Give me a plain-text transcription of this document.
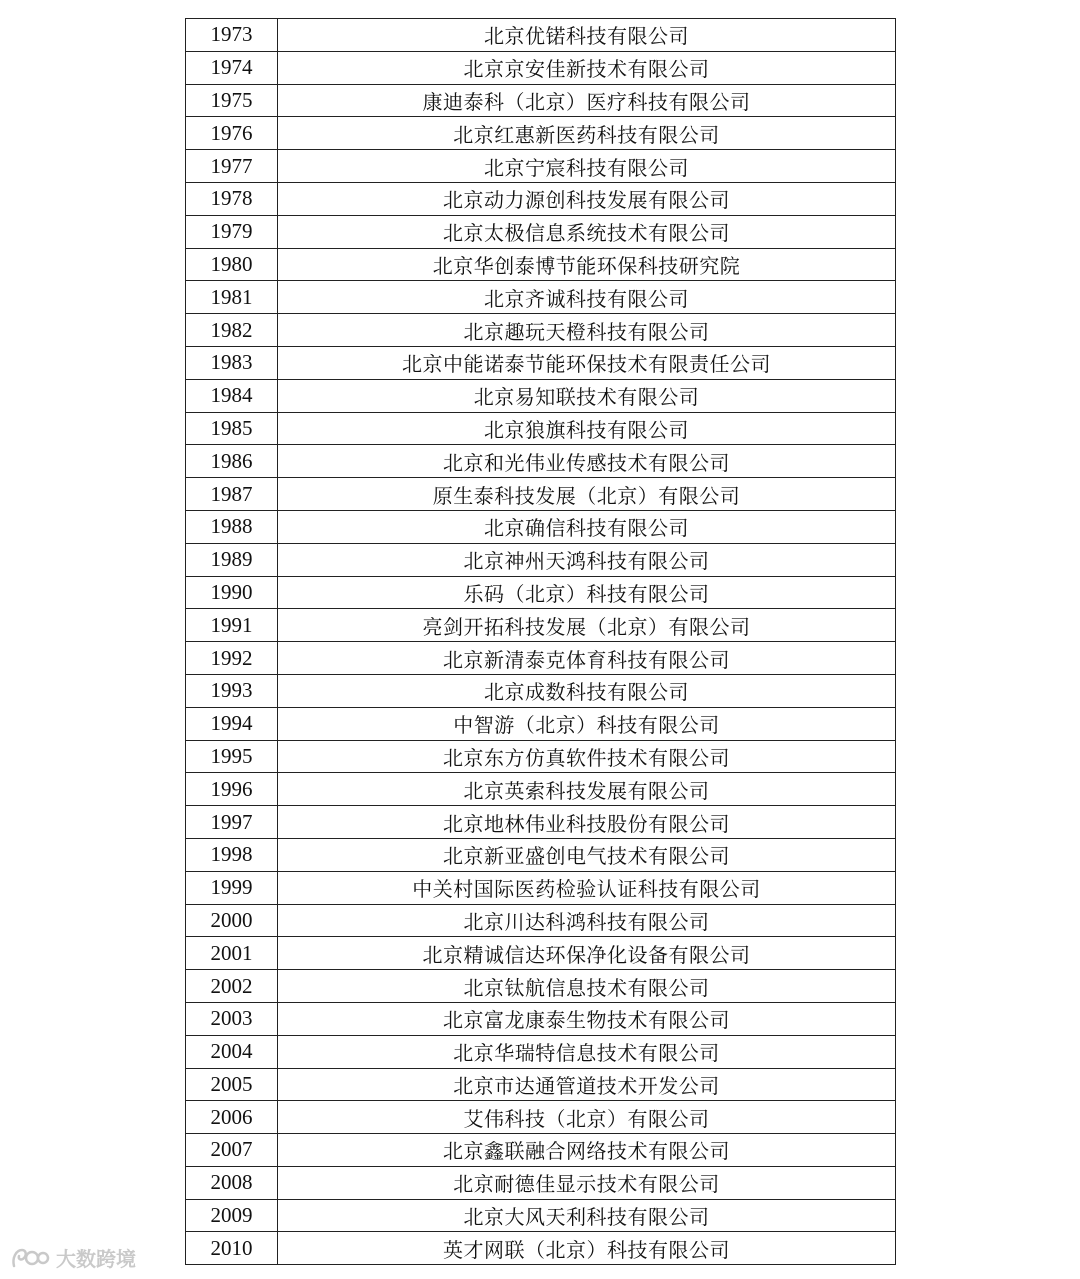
1973	北京优锘科技有限公司
1974	北京京安佳新技术有限公司
1975	康迪泰科（北京）医疗科技有限公司
1976	北京红惠新医药科技有限公司
1977	北京宁宸科技有限公司
1978	北京动力源创科技发展有限公司
1979	北京太极信息系统技术有限公司
1980	北京华创泰博节能环保科技研究院
1981	北京齐诚科技有限公司
1982	北京趣玩天橙科技有限公司
1983	北京中能诺泰节能环保技术有限责任公司
1984	北京易知联技术有限公司
1985	北京狼旗科技有限公司
1986	北京和光伟业传感技术有限公司
1987	原生泰科技发展（北京）有限公司
1988	北京确信科技有限公司
1989	北京神州天鸿科技有限公司
1990	乐码（北京）科技有限公司
1991	亮剑开拓科技发展（北京）有限公司
1992	北京新清泰克体育科技有限公司
1993	北京成数科技有限公司
1994	中智游（北京）科技有限公司
1995	北京东方仿真软件技术有限公司
1996	北京英索科技发展有限公司
1997	北京地林伟业科技股份有限公司
1998	北京新亚盛创电气技术有限公司
1999	中关村国际医药检验认证科技有限公司
2000	北京川达科鸿科技有限公司
2001	北京精诚信达环保净化设备有限公司
2002	北京钛航信息技术有限公司
2003	北京富龙康泰生物技术有限公司
2004	北京华瑞特信息技术有限公司
2005	北京市达通管道技术开发公司
2006	艾伟科技（北京）有限公司
2007	北京鑫联融合网络技术有限公司
2008	北京耐德佳显示技术有限公司
2009	北京大风天利科技有限公司
2010	英才网联（北京）科技有限公司
大数跨境
